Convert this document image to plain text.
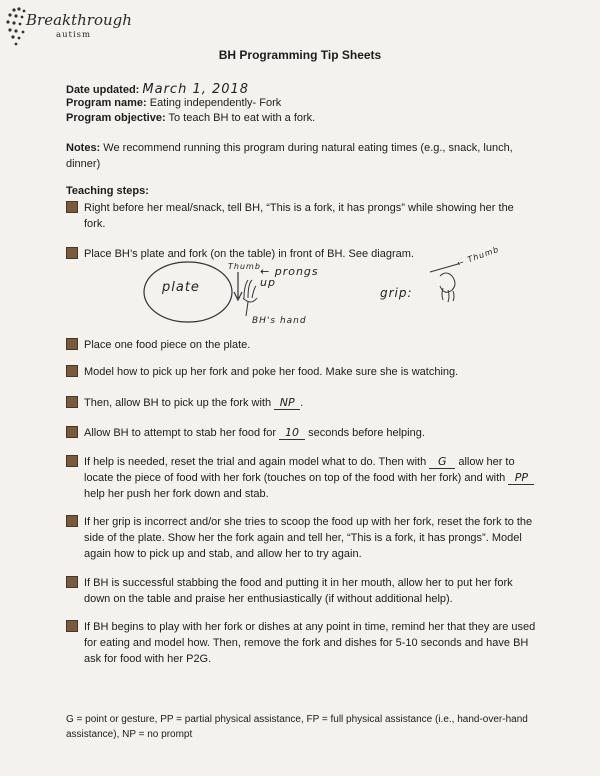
Breakthrough
autism
BH Programming Tip Sheets
Date updated: March 1, 2018
Program name: Eating independently- Fork
Program objective: To teach BH to eat with a fork.
Notes: We recommend running this program during natural eating times (e.g., snack, lunch, dinner)
Teaching steps:
Right before her meal/snack, tell BH, “This is a fork, it has prongs” while showing her the fork.
Place BH’s plate and fork (on the table) in front of BH. See diagram.
plate
Thumb ← prongs up
BH's hand
grip:
← Thumb
Place one food piece on the plate.
Model how to pick up her fork and poke her food. Make sure she is watching.
Then, allow BH to pick up the fork with NP .
Allow BH to attempt to stab her food for 10 seconds before helping.
If help is needed, reset the trial and again model what to do. Then with G allow her to locate the piece of food with her fork (touches on top of the food with her fork) and with PP help her push her fork down and stab.
If her grip is incorrect and/or she tries to scoop the food up with her fork, reset the fork to the side of the plate. Show her the fork again and tell her, “This is a fork, it has prongs”. Model again how to pick up and stab, and allow her to try again.
If BH is successful stabbing the food and putting it in her mouth, allow her to put her fork down on the table and praise her enthusiastically (if without additional help).
If BH begins to play with her fork or dishes at any point in time, remind her that they are used for eating and model how. Then, remove the fork and dishes for 5-10 seconds and have BH ask for food with her P2G.
G = point or gesture, PP = partial physical assistance, FP = full physical assistance (i.e., hand-over-hand assistance), NP = no prompt
